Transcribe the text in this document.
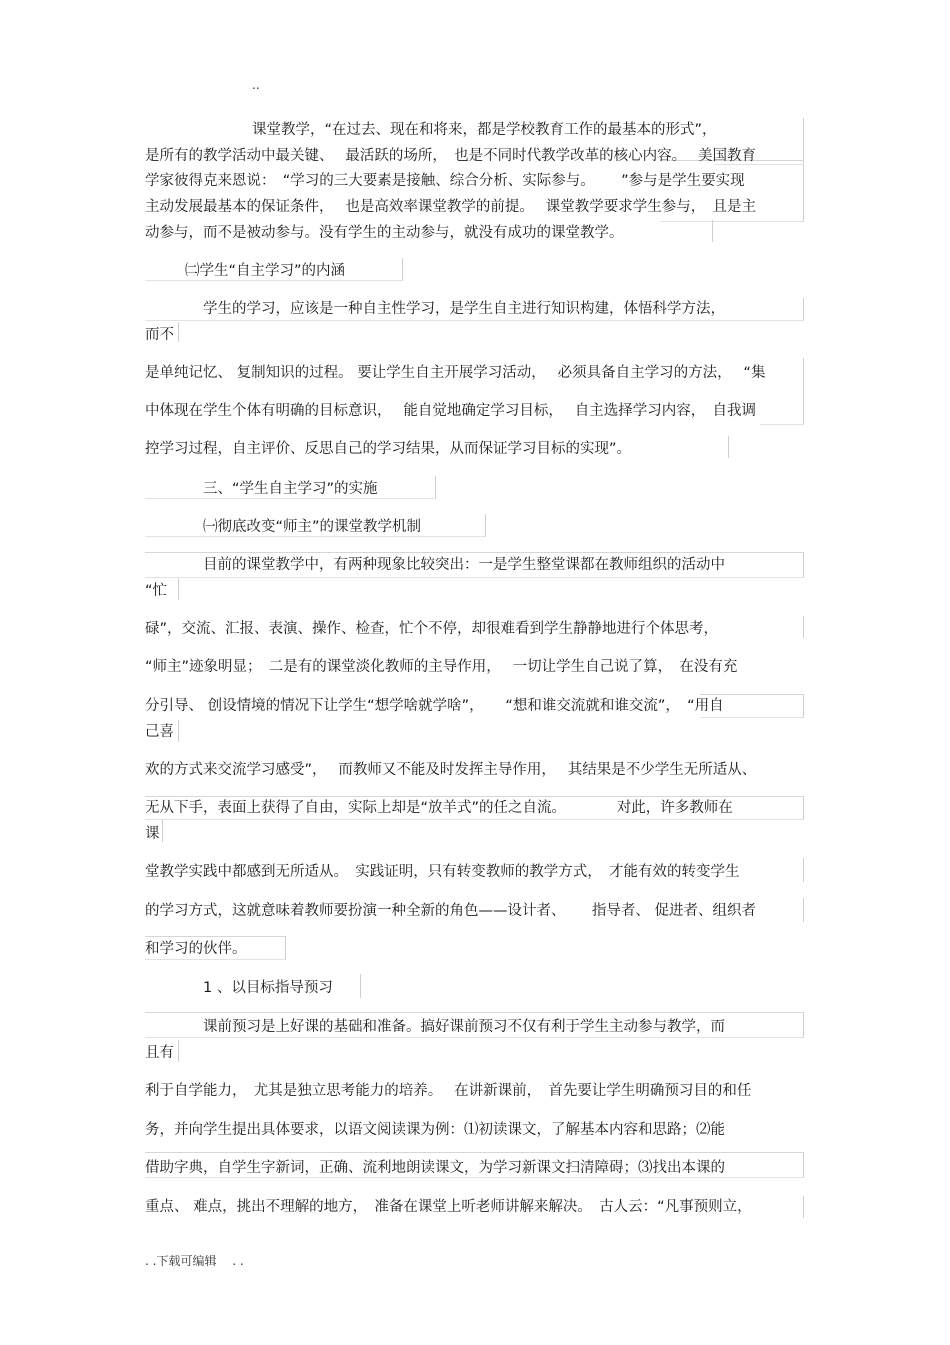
..
课堂教学，“在过去、现在和将来，都是学校教育工作的最基本的形式”，
是所有的教学活动中最关键、　 最活跃的场所，　也是不同时代教学改革的核心内容。　 美国教育
学家彼得克来恩说：　“学习的三大要素是接触、综合分析、实际参与。　　 ”参与是学生要实现
主动发展最基本的保证条件，　 也是高效率课堂教学的前提。　 课堂教学要求学生参与，　且是主
动参与，而不是被动参与。没有学生的主动参与，就没有成功的课堂教学。
㈡学生“自主学习”的内涵
学生的学习，应该是一种自主性学习，是学生自主进行知识构建，体悟科学方法，
而不
是单纯记忆、 复制知识的过程。 要让学生自主开展学习活动，　 必须具备自主学习的方法，　 “集
中体现在学生个体有明确的目标意识，　 能自觉地确定学习目标，　 自主选择学习内容，　自我调
控学习过程，自主评价、反思自己的学习结果，从而保证学习目标的实现”。
三、“学生自主学习”的实施
㈠彻底改变“师主”的课堂教学机制
目前的课堂教学中，有两种现象比较突出：一是学生整堂课都在教师组织的活动中
“忙
碌”，交流、汇报、表演、操作、检查，忙个不停，却很难看到学生静静地进行个体思考，
“师主”迹象明显；　二是有的课堂淡化教师的主导作用，　 一切让学生自己说了算，　在没有充
分引导、 创设情境的情况下让学生“想学啥就学啥”，　　“想和谁交流就和谁交流”，　“用自
己喜
欢的方式来交流学习感受”，　 而教师又不能及时发挥主导作用，　 其结果是不少学生无所适从、
无从下手，表面上获得了自由，实际上却是“放羊式”的任之自流。　　　　对此，许多教师在
课
堂教学实践中都感到无所适从。　实践证明，只有转变教师的教学方式，　才能有效的转变学生
的学习方式，这就意味着教师要扮演一种全新的角色——设计者、　　 指导者、 促进者、组织者
和学习的伙伴。
1 、以目标指导预习
课前预习是上好课的基础和准备。搞好课前预习不仅有利于学生主动参与教学，而
且有
利于自学能力，　尤其是独立思考能力的培养。　 在讲新课前，　首先要让学生明确预习目的和任
务，并向学生提出具体要求，以语文阅读课为例：⑴初读课文，了解基本内容和思路；⑵能
借助字典，自学生字新词，正确、流利地朗读课文，为学习新课文扫清障碍；⑶找出本课的
重点、 难点，挑出不理解的地方，　准备在课堂上听老师讲解来解决。　古人云：“凡事预则立，
. .下载可编辑　 . .
